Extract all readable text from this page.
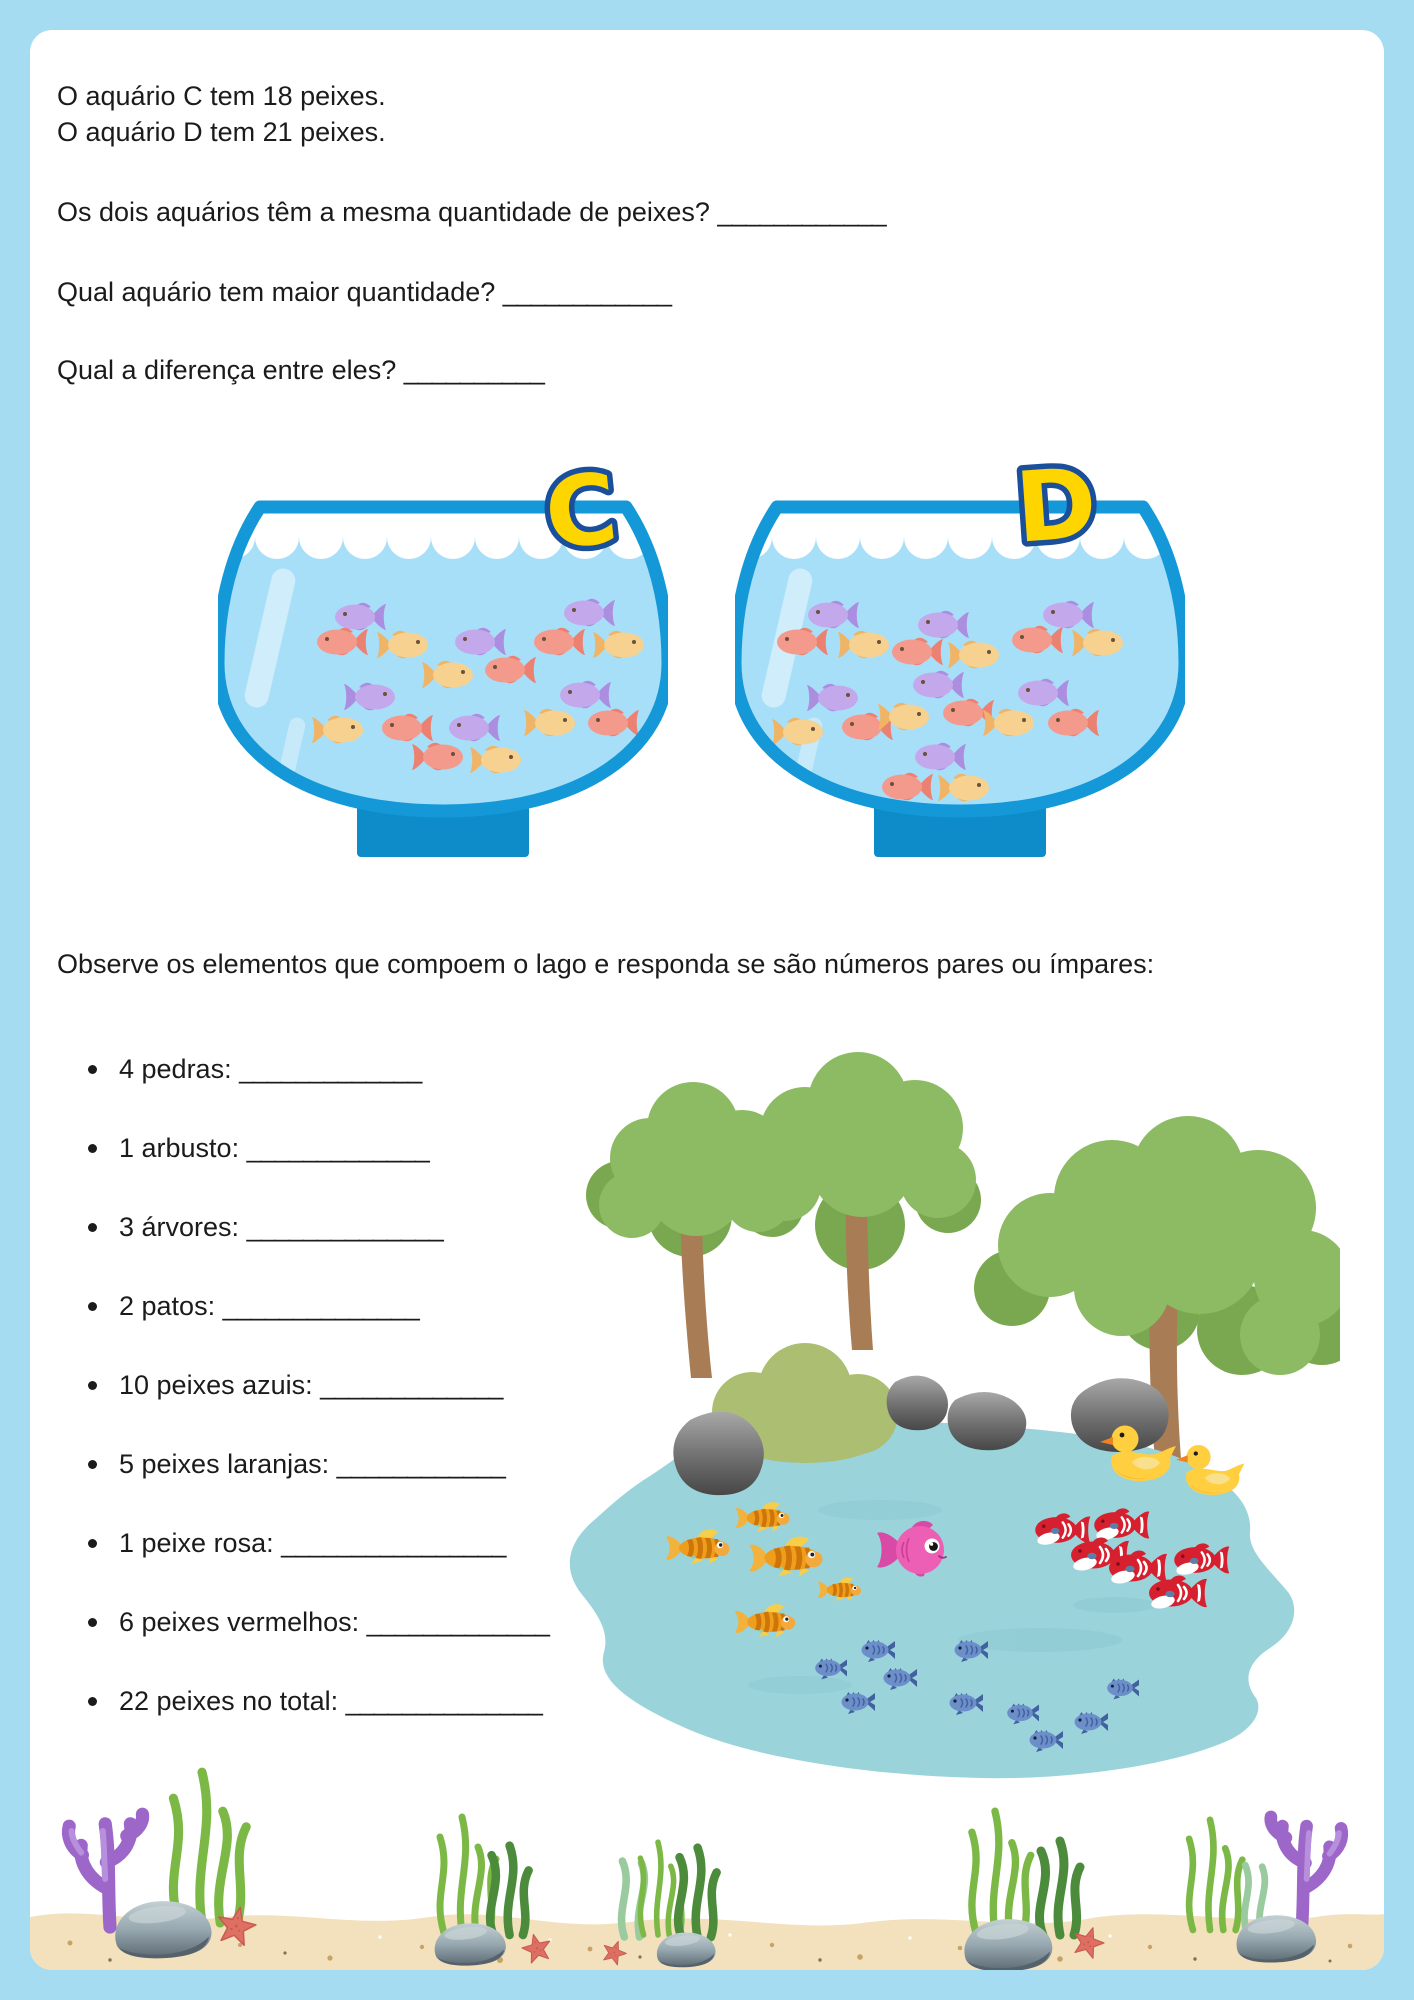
O aquário C tem 18 peixes.
O aquário D tem 21 peixes.
Os dois aquários têm a mesma quantidade de peixes? ____________
Qual aquário tem maior quantidade? ____________
Qual a diferença entre eles? __________
C	D
Observe os elementos que compoem o lago e responda se são números pares ou ímpares:
4 pedras:
_____________
1 arbusto:
_____________
3 árvores:
______________
2 patos:
______________
10 peixes azuis:
_____________
5 peixes laranjas:
____________
1 peixe rosa:
________________
6 peixes vermelhos:
_____________
22 peixes no total:
______________
